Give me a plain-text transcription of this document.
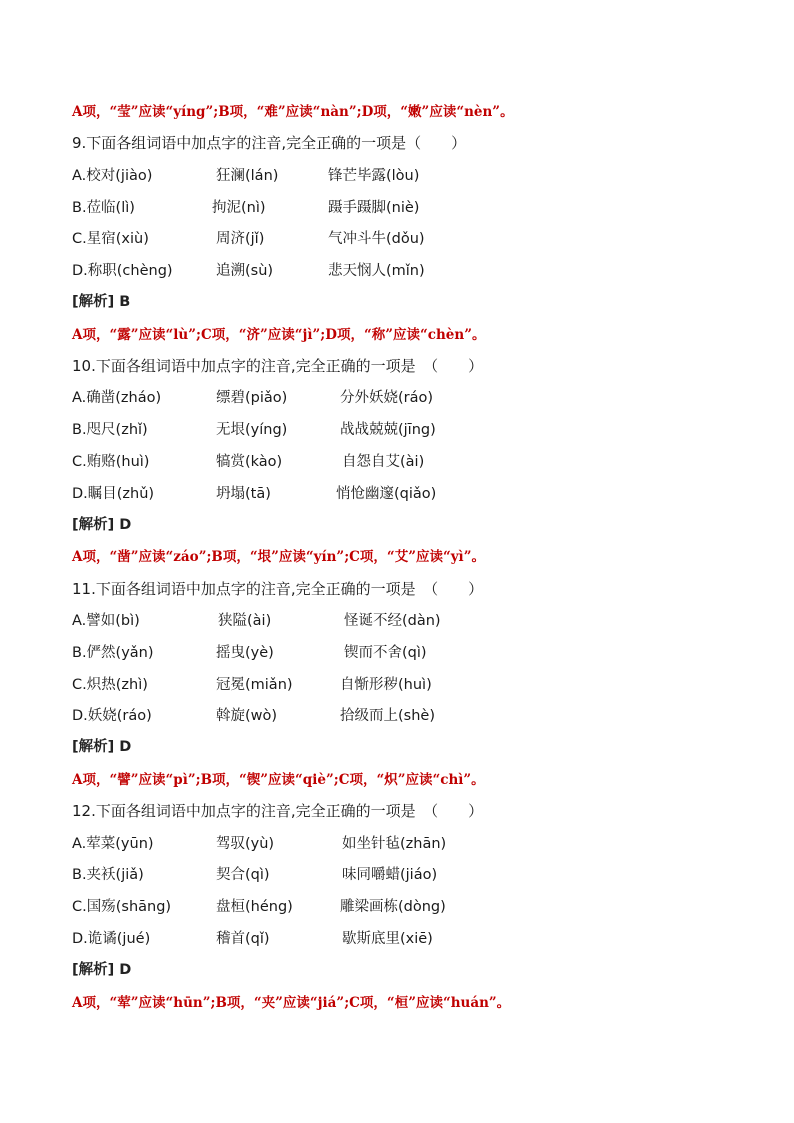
A项，“莹”应读“yíng”;B项，“难”应读“nàn”;D项，“嫩”应读“nèn”。
9.下面各组词语中加点字的注音,完全正确的一项是（　　）
A.校对(jiào)	狂澜(lán)	锋芒毕露(lòu)
B.莅临(lì)	拘泥(nì)	蹑手蹑脚(niè)
C.星宿(xiù)	周济(jǐ)	气冲斗牛(dǒu)
D.称职(chèng)	追溯(sù)	悲天悯人(mǐn)
[解析] B
A项，“露”应读“lù”;C项，“济”应读“jì”;D项，“称”应读“chèn”。
10.下面各组词语中加点字的注音,完全正确的一项是　（　　）
A.确凿(zháo)	缥碧(piǎo)	分外妖娆(ráo)
B.咫尺(zhǐ)	无垠(yíng)	战战兢兢(jīng)
C.贿赂(huì)	犒赏(kào)	自怨自艾(ài)
D.瞩目(zhǔ)	坍塌(tā)	悄怆幽邃(qiǎo)
[解析] D
A项，“凿”应读“záo”;B项，“垠”应读“yín”;C项，“艾”应读“yì”。
11.下面各组词语中加点字的注音,完全正确的一项是　（　　）
A.譬如(bì)	狭隘(ài)	怪诞不经(dàn)
B.俨然(yǎn)	摇曳(yè)	锲而不舍(qì)
C.炽热(zhì)	冠冕(miǎn)	自惭形秽(huì)
D.妖娆(ráo)	斡旋(wò)	拾级而上(shè)
[解析] D
A项，“譬”应读“pì”;B项，“锲”应读“qiè”;C项，“炽”应读“chì”。
12.下面各组词语中加点字的注音,完全正确的一项是　（　　）
A.荤菜(yūn)	驾驭(yù)	如坐针毡(zhān)
B.夹袄(jiǎ)	契合(qì)	味同嚼蜡(jiáo)
C.国殇(shāng)	盘桓(héng)	雕梁画栋(dòng)
D.诡谲(jué)	稽首(qǐ)	歇斯底里(xiē)
[解析] D
A项，“荤”应读“hūn”;B项，“夹”应读“jiá”;C项，“桓”应读“huán”。
